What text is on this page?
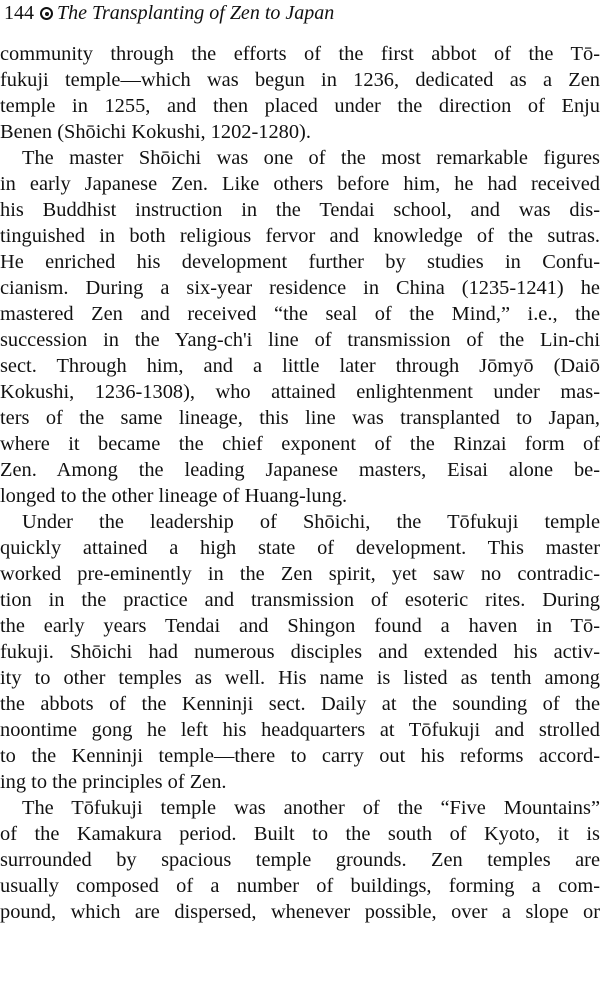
144 The Transplanting of Zen to Japan
community through the efforts of the first abbot of the Tō-
fukuji temple—which was begun in 1236, dedicated as a Zen
temple in 1255, and then placed under the direction of Enju
Benen (Shōichi Kokushi, 1202-1280).
The master Shōichi was one of the most remarkable figures
in early Japanese Zen. Like others before him, he had received
his Buddhist instruction in the Tendai school, and was dis-
tinguished in both religious fervor and knowledge of the sutras.
He enriched his development further by studies in Confu-
cianism. During a six-year residence in China (1235-1241) he
mastered Zen and received “the seal of the Mind,” i.e., the
succession in the Yang-ch'i line of transmission of the Lin-chi
sect. Through him, and a little later through Jōmyō (Daiō
Kokushi, 1236-1308), who attained enlightenment under mas-
ters of the same lineage, this line was transplanted to Japan,
where it became the chief exponent of the Rinzai form of
Zen. Among the leading Japanese masters, Eisai alone be-
longed to the other lineage of Huang-lung.
Under the leadership of Shōichi, the Tōfukuji temple
quickly attained a high state of development. This master
worked pre-eminently in the Zen spirit, yet saw no contradic-
tion in the practice and transmission of esoteric rites. During
the early years Tendai and Shingon found a haven in Tō-
fukuji. Shōichi had numerous disciples and extended his activ-
ity to other temples as well. His name is listed as tenth among
the abbots of the Kenninji sect. Daily at the sounding of the
noontime gong he left his headquarters at Tōfukuji and strolled
to the Kenninji temple—there to carry out his reforms accord-
ing to the principles of Zen.
The Tōfukuji temple was another of the “Five Mountains”
of the Kamakura period. Built to the south of Kyoto, it is
surrounded by spacious temple grounds. Zen temples are
usually composed of a number of buildings, forming a com-
pound, which are dispersed, whenever possible, over a slope or
